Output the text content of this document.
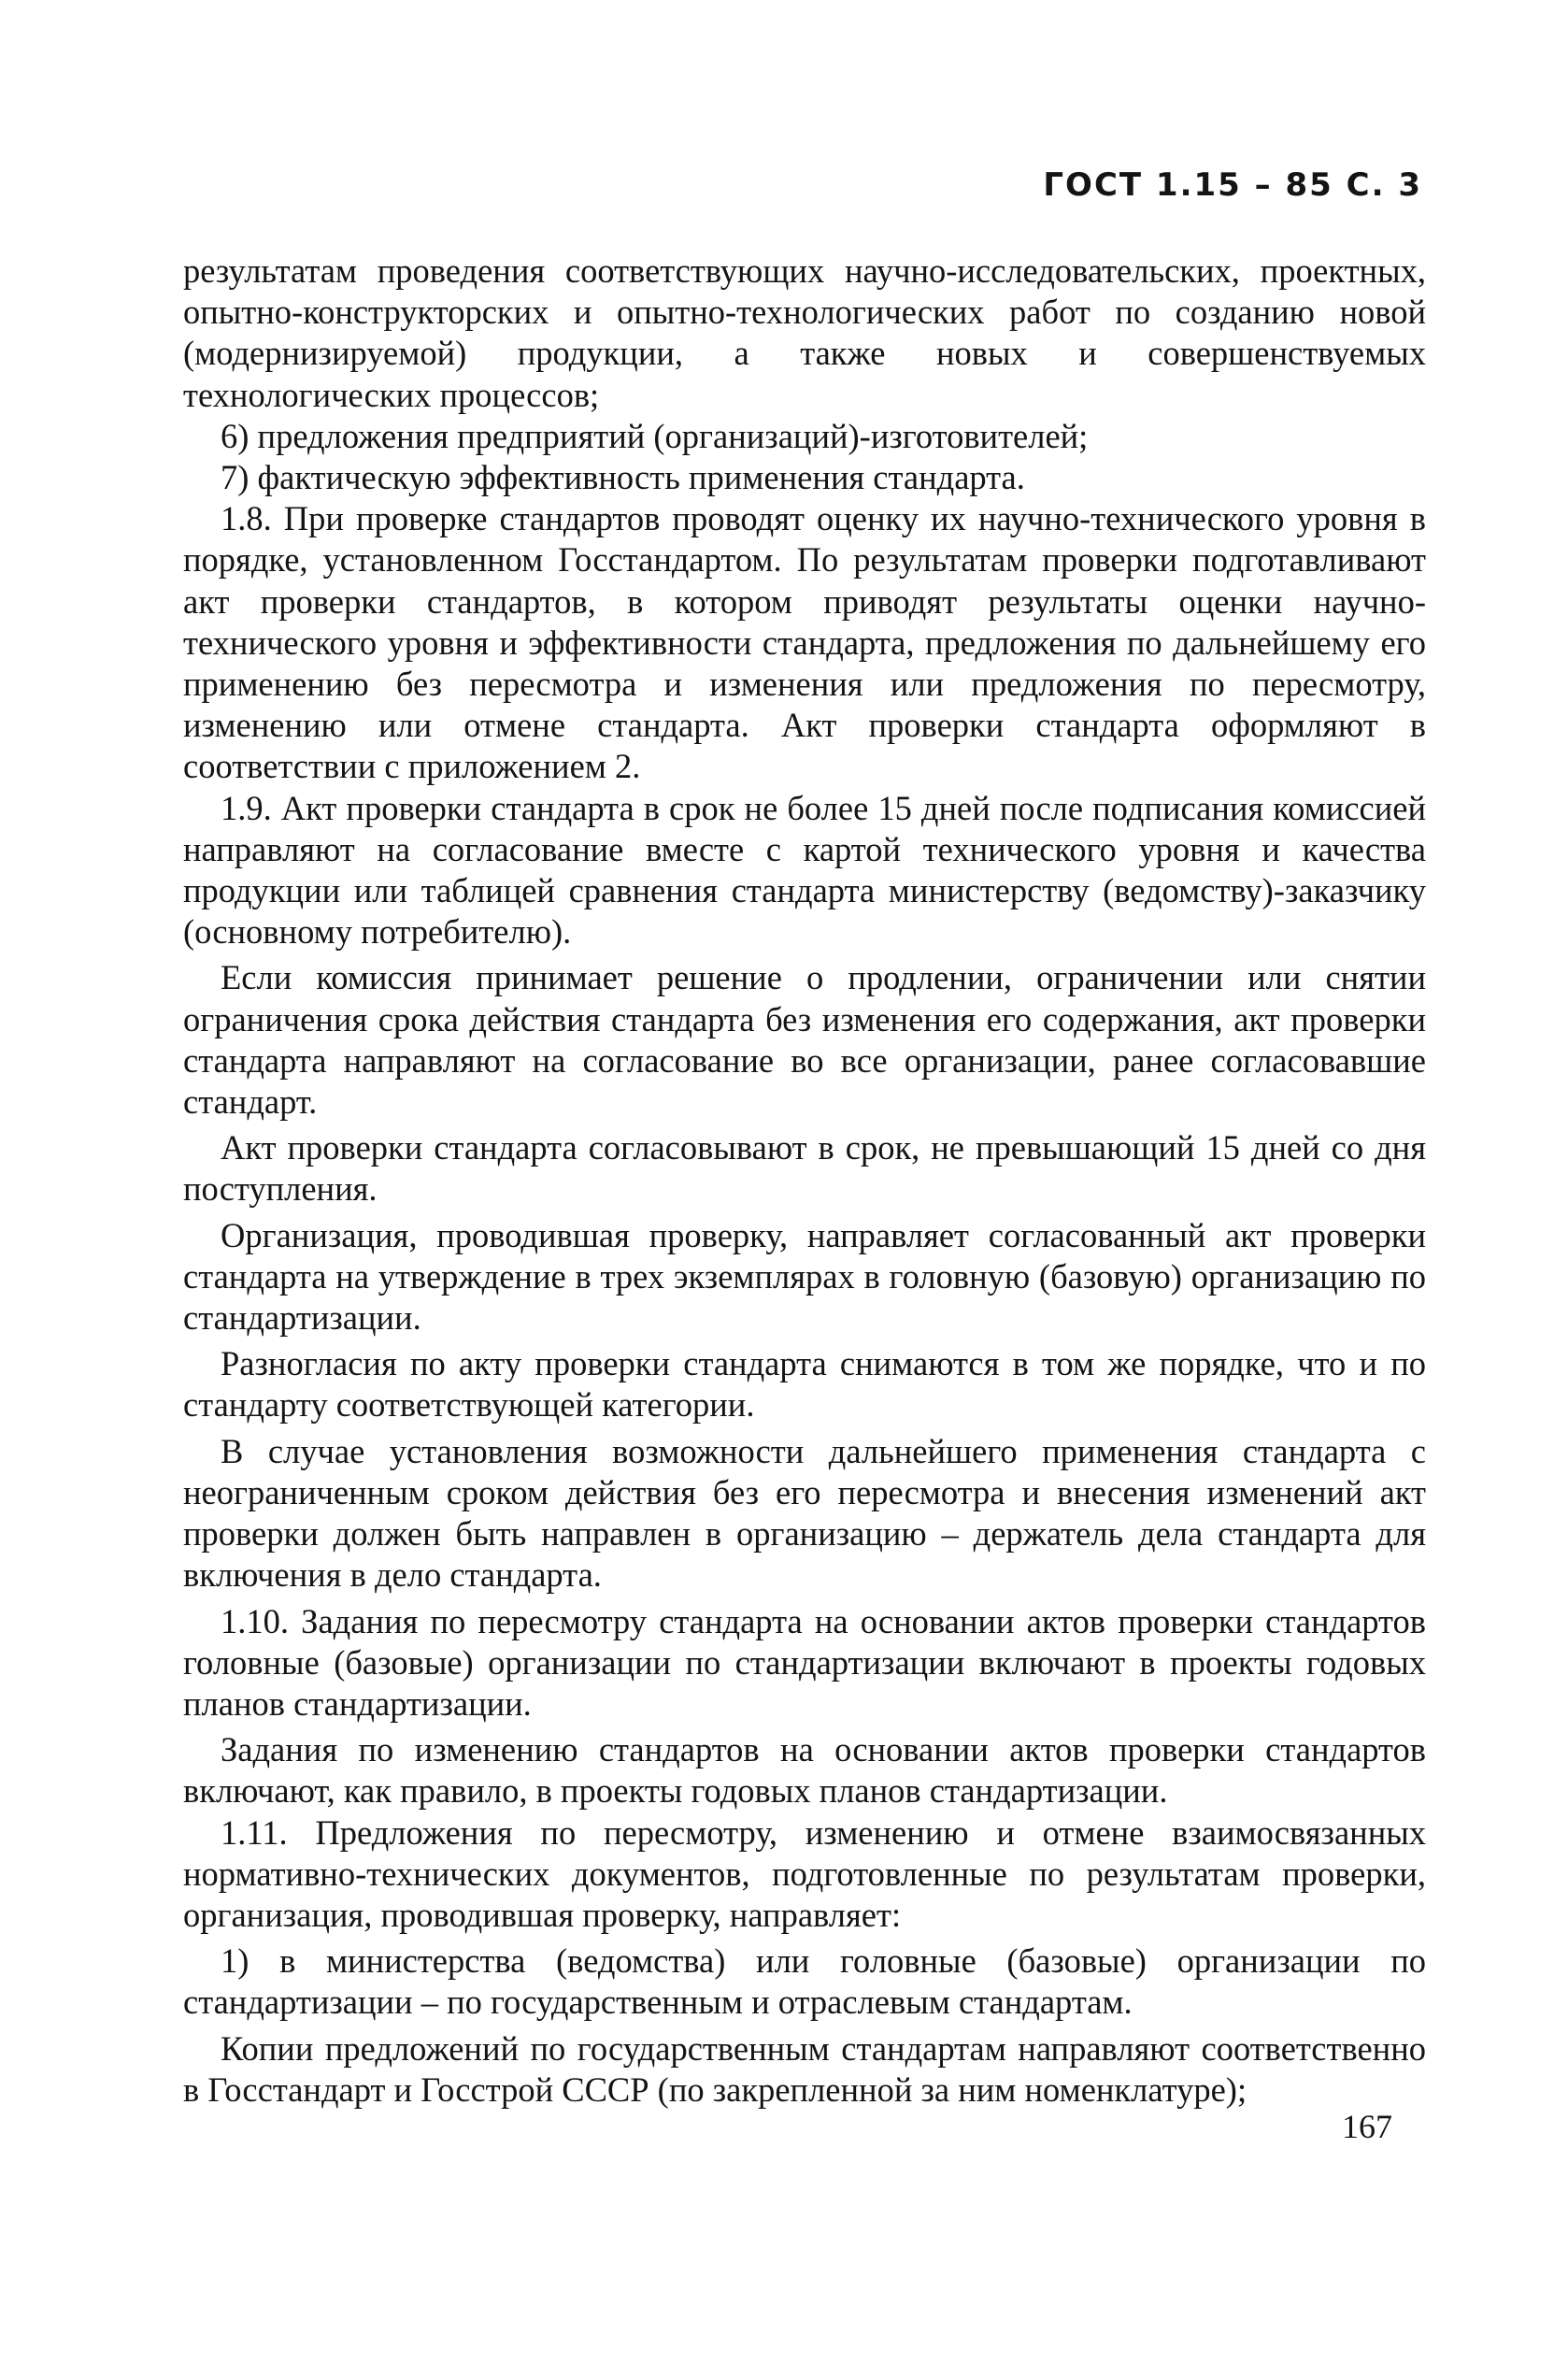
ГОСТ 1.15 – 85 С. 3

результатам проведения соответствующих научно-исследовательских, проектных, опытно-конструкторских и опытно-технологических работ по созданию новой (модернизируемой) продукции, а также новых и совершенствуемых технологических процессов;

6) предложения предприятий (организаций)-изготовителей;

7) фактическую эффективность применения стандарта.

1.8. При проверке стандартов проводят оценку их научно-технического уровня в порядке, установленном Госстандартом. По результатам проверки подготавливают акт проверки стандартов, в котором приводят результаты оценки научно-технического уровня и эффективности стандарта, предложения по дальнейшему его применению без пересмотра и изменения или предложения по пересмотру, изменению или отмене стандарта. Акт проверки стандарта оформляют в соответствии с приложением 2.

1.9. Акт проверки стандарта в срок не более 15 дней после подписания комиссией направляют на согласование вместе с картой технического уровня и качества продукции или таблицей сравнения стандарта министерству (ведомству)-заказчику (основному потребителю).

Если комиссия принимает решение о продлении, ограничении или снятии ограничения срока действия стандарта без изменения его содержания, акт проверки стандарта направляют на согласование во все организации, ранее согласовавшие стандарт.

Акт проверки стандарта согласовывают в срок, не превышающий 15 дней со дня поступления.

Организация, проводившая проверку, направляет согласованный акт проверки стандарта на утверждение в трех экземплярах в головную (базовую) организацию по стандартизации.

Разногласия по акту проверки стандарта снимаются в том же порядке, что и по стандарту соответствующей категории.

В случае установления возможности дальнейшего применения стандарта с неограниченным сроком действия без его пересмотра и внесения изменений акт проверки должен быть направлен в организацию – держатель дела стандарта для включения в дело стандарта.

1.10. Задания по пересмотру стандарта на основании актов проверки стандартов головные (базовые) организации по стандартизации включают в проекты годовых планов стандартизации.

Задания по изменению стандартов на основании актов проверки стандартов включают, как правило, в проекты годовых планов стандартизации.

1.11. Предложения по пересмотру, изменению и отмене взаимосвязанных нормативно-технических документов, подготовленные по результатам проверки, организация, проводившая проверку, направляет:

1) в министерства (ведомства) или головные (базовые) организации по стандартизации – по государственным и отраслевым стандартам.

Копии предложений по государственным стандартам направляют соответственно в Госстандарт и Госстрой СССР (по закрепленной за ним номенклатуре);

167
